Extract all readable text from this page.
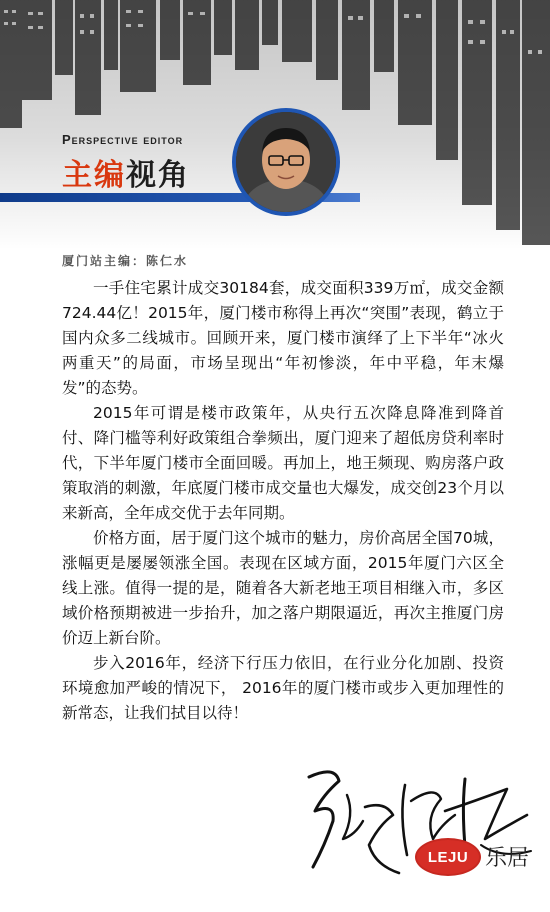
Perspective editor
主编视角
厦门站主编：陈仁水

一手住宅累计成交30184套，成交面积339万㎡，成交金额724.44亿！2015年，厦门楼市称得上再次“突围”表现，鹤立于国内众多二线城市。回顾开来，厦门楼市演绎了上下半年“冰火两重天”的局面，市场呈现出“年初惨淡，年中平稳，年末爆发”的态势。

2015年可谓是楼市政策年，从央行五次降息降准到降首付、降门槛等利好政策组合拳频出，厦门迎来了超低房贷利率时代，下半年厦门楼市全面回暖。再加上，地王频现、购房落户政策取消的刺激，年底厦门楼市成交量也大爆发，成交创23个月以来新高，全年成交优于去年同期。

价格方面，居于厦门这个城市的魅力，房价高居全国70城，涨幅更是屡屡领涨全国。表现在区域方面，2015年厦门六区全线上涨。值得一提的是，随着各大新老地王项目相继入市，多区域价格预期被进一步抬升，加之落户期限逼近，再次主推厦门房价迈上新台阶。

步入2016年，经济下行压力依旧，在行业分化加剧、投资环境愈加严峻的情况下， 2016年的厦门楼市或步入更加理性的新常态，让我们拭目以待！

LEJU 乐居
